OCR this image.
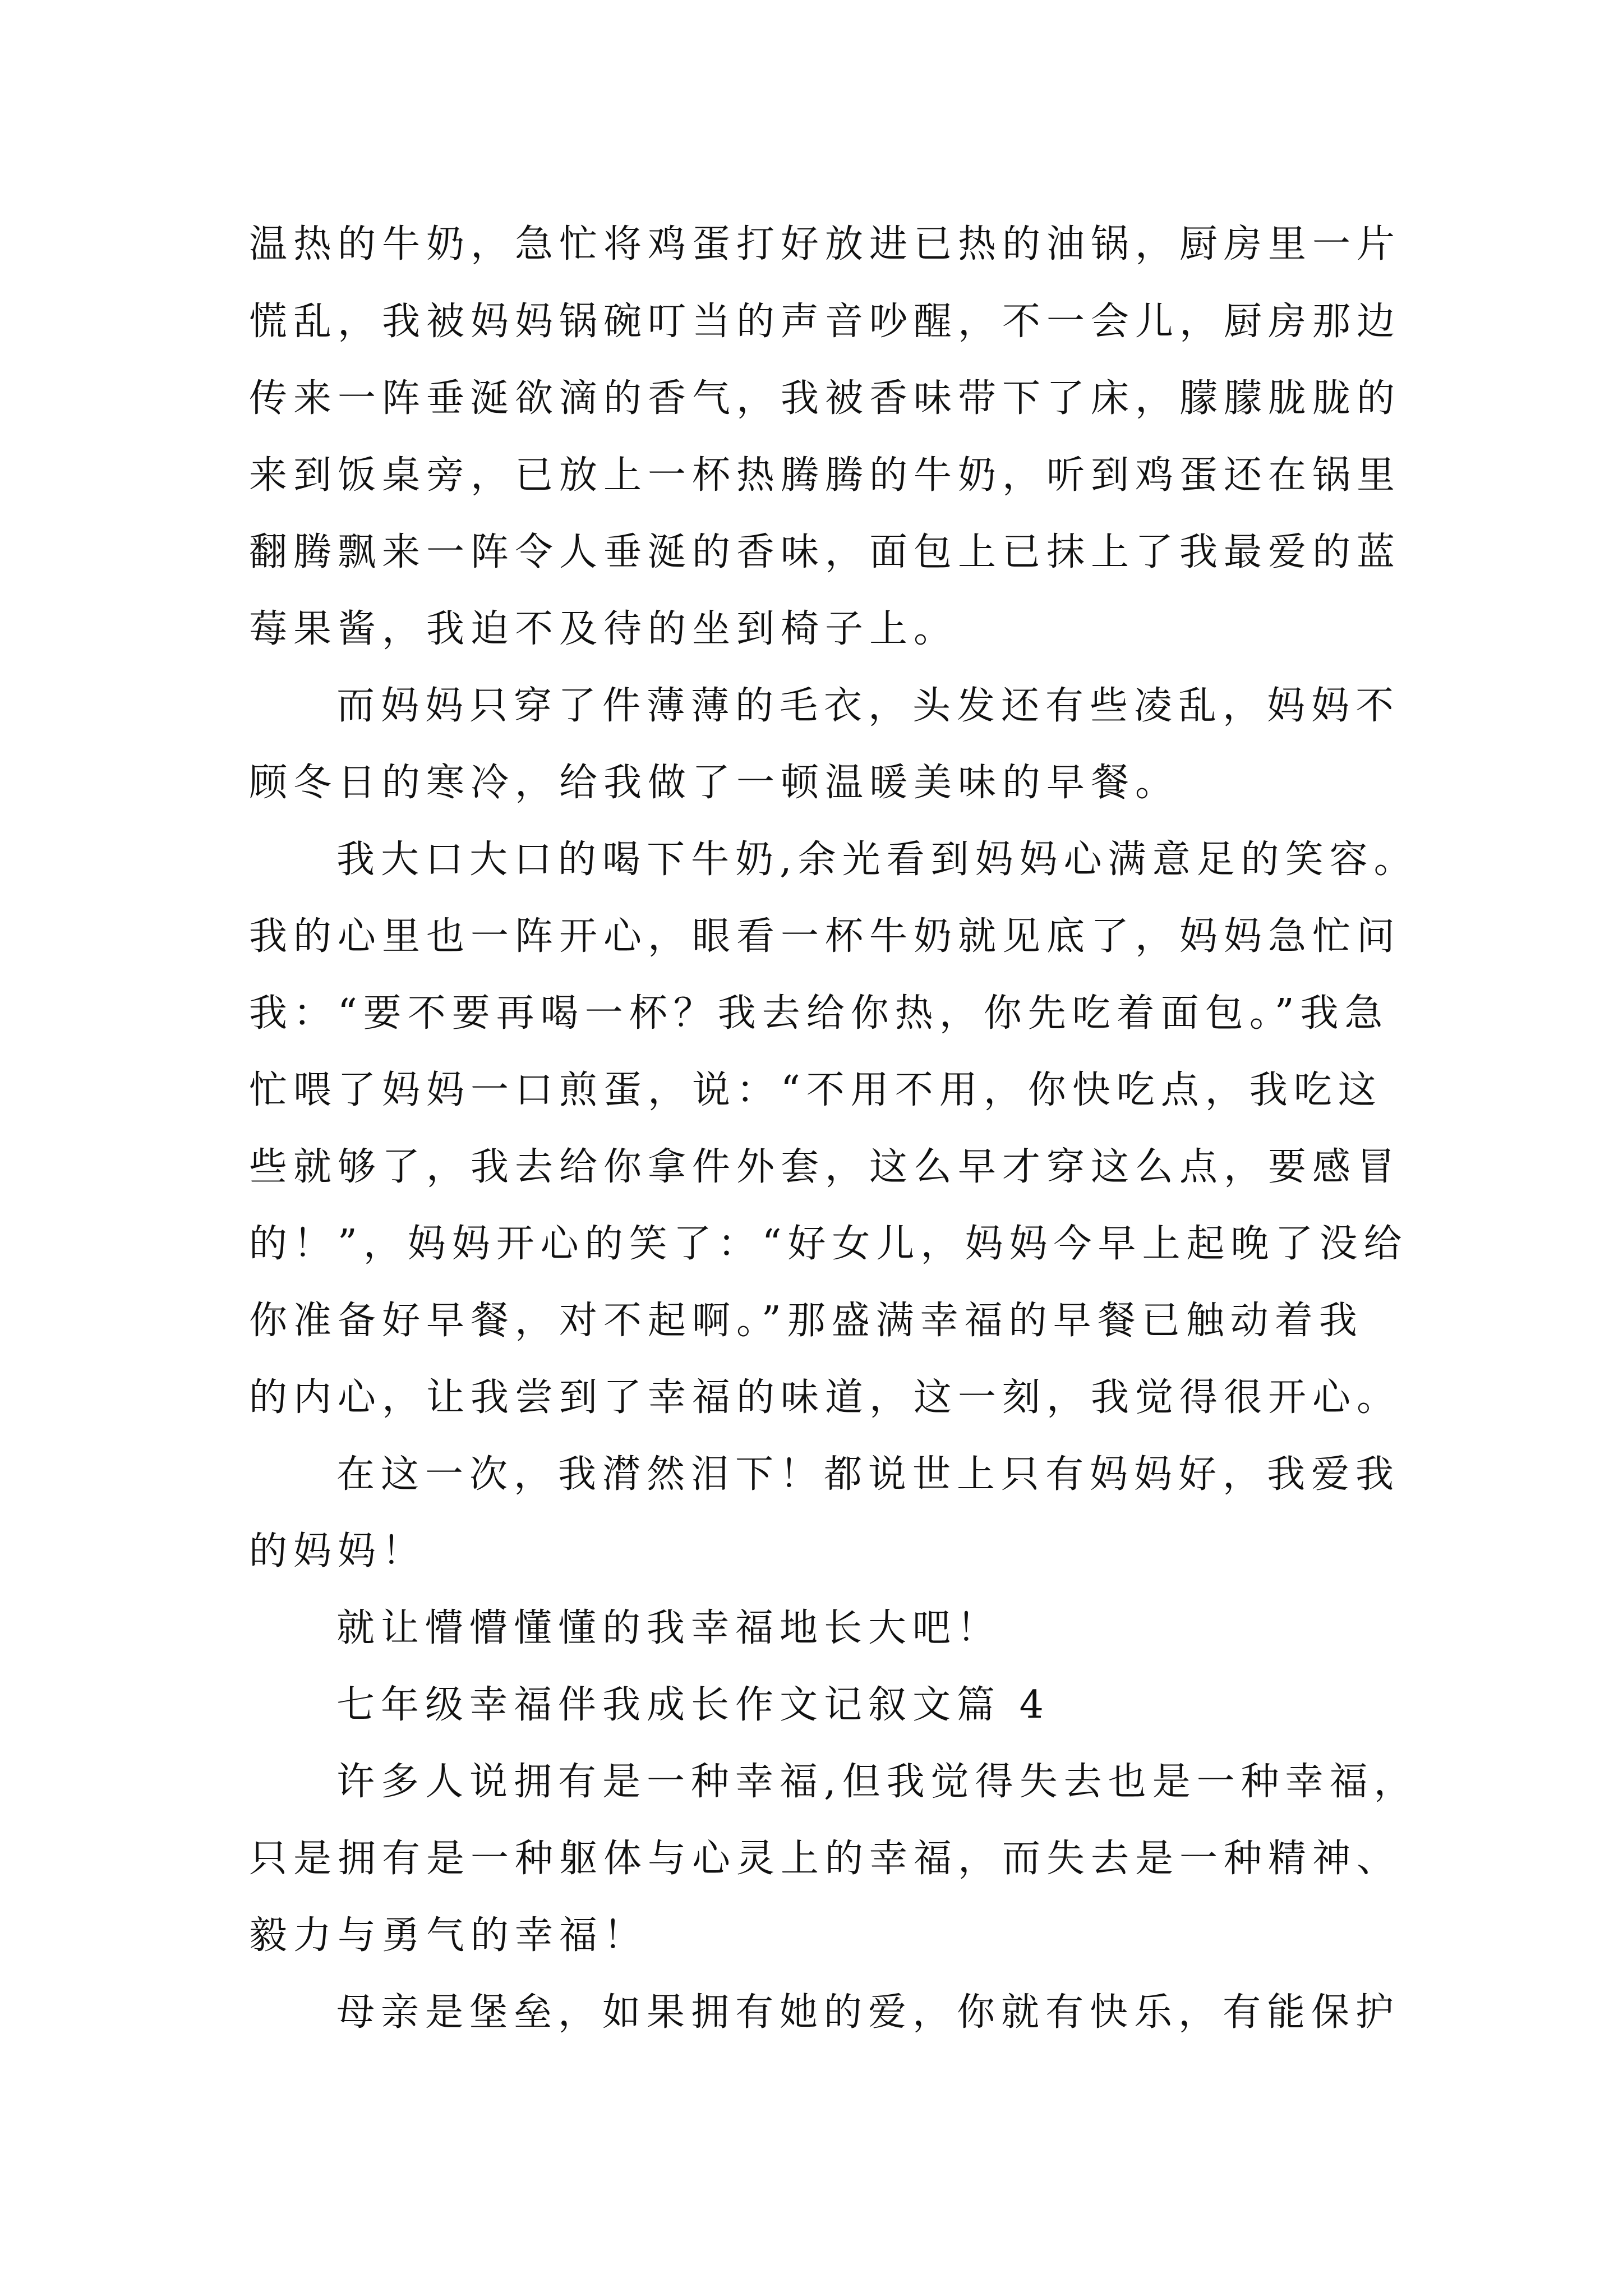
温热的牛奶，急忙将鸡蛋打好放进已热的油锅，厨房里一片
慌乱，我被妈妈锅碗叮当的声音吵醒，不一会儿，厨房那边
传来一阵垂涎欲滴的香气，我被香味带下了床，朦朦胧胧的
来到饭桌旁，已放上一杯热腾腾的牛奶，听到鸡蛋还在锅里
翻腾飘来一阵令人垂涎的香味，面包上已抹上了我最爱的蓝
莓果酱，我迫不及待的坐到椅子上。
而妈妈只穿了件薄薄的毛衣，头发还有些凌乱，妈妈不
顾冬日的寒冷，给我做了一顿温暖美味的早餐。
我大口大口的喝下牛奶,余光看到妈妈心满意足的笑容。
我的心里也一阵开心，眼看一杯牛奶就见底了，妈妈急忙问
我：“要不要再喝一杯？我去给你热，你先吃着面包。”我急
忙喂了妈妈一口煎蛋，说：“不用不用，你快吃点，我吃这
些就够了，我去给你拿件外套，这么早才穿这么点，要感冒
的！”，妈妈开心的笑了：“好女儿，妈妈今早上起晚了没给
你准备好早餐，对不起啊。”那盛满幸福的早餐已触动着我
的内心，让我尝到了幸福的味道，这一刻，我觉得很开心。
在这一次，我潸然泪下！都说世上只有妈妈好，我爱我
的妈妈！
就让懵懵懂懂的我幸福地长大吧！
七年级幸福伴我成长作文记叙文篇 4
许多人说拥有是一种幸福,但我觉得失去也是一种幸福，
只是拥有是一种躯体与心灵上的幸福，而失去是一种精神、
毅力与勇气的幸福！
母亲是堡垒，如果拥有她的爱，你就有快乐，有能保护
